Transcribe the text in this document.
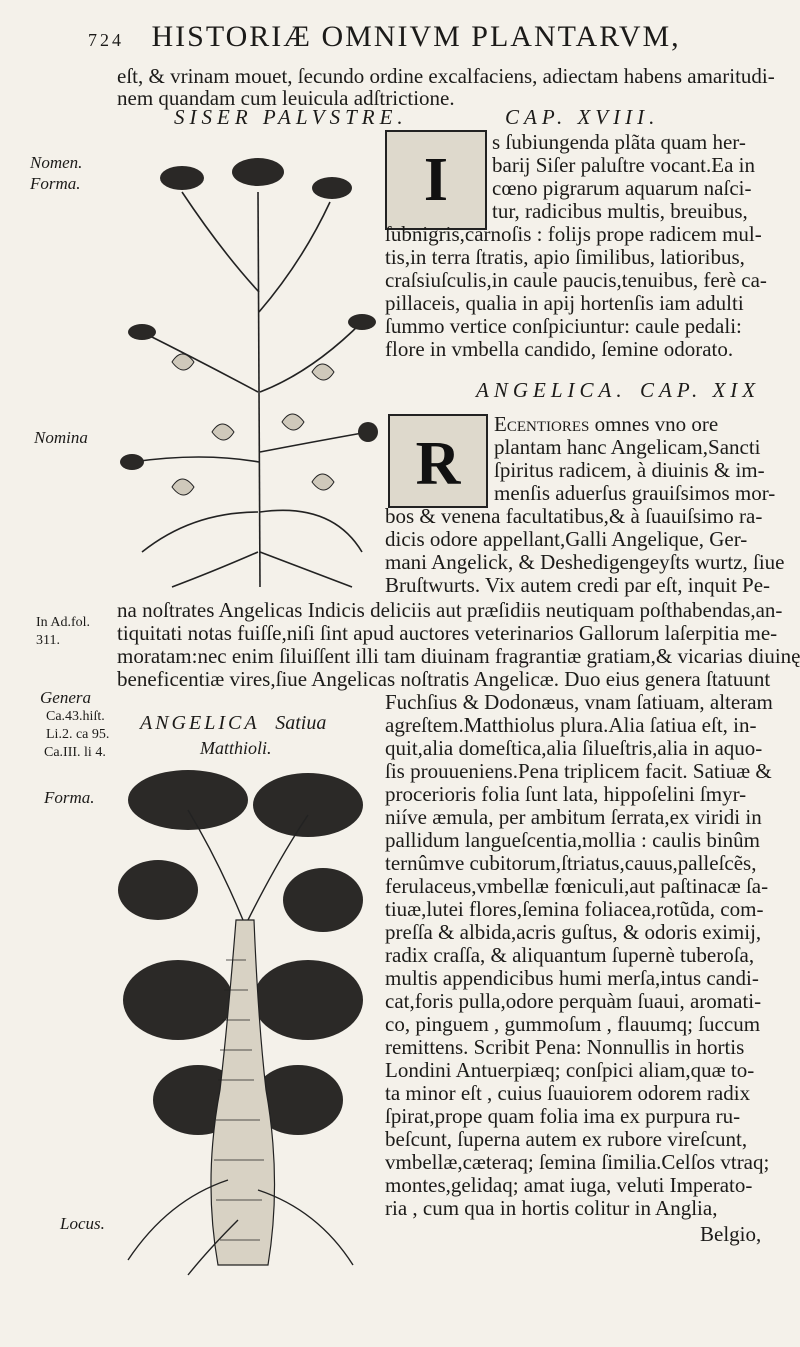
724 HISTORIÆ OMNIVM PLANTARVM,
eſt, & vrinam mouet, ſecundo ordine excalfaciens, adiectam habens amaritudi-
nem quandam cum leuicula adſtrictione.
SISER PALVSTRE.	CAP. XVIII.
Nomen.
Forma.
Nomina
In Ad.fol.
311.
Genera
Ca.43.hiſt.
Li.2. ca 95.
Ca.III. li 4.
Forma.
Locus.
I
s ſubiungenda plãta quam her-
barij Siſer paluſtre vocant.Ea in
cœno pigrarum aquarum naſci-
tur, radicibus multis, breuibus,
ſubnigris,carnoſis : folijs prope radicem mul-
tis,in terra ſtratis, apio ſimilibus, latioribus,
craſsiuſculis,in caule paucis,tenuibus, ferè ca-
pillaceis, qualia in apij hortenſis iam adulti
ſummo vertice conſpiciuntur: caule pedali:
flore in vmbella candido, ſemine odorato.
ANGELICA. CAP. XIX
R
Ecentiores omnes vno ore
plantam hanc Angelicam,Sancti
ſpiritus radicem, à diuinis & im-
menſis aduerſus grauiſsimos mor-
bos & venena facultatibus,& à ſuauiſsimo ra-
dicis odore appellant,Galli Angelique, Ger-
mani Angelick, & Deshedigengeyſts wurtz, ſiue
Bruſtwurts. Vix autem credi par eſt, inquit Pe-
na noſtrates Angelicas Indicis deliciis aut præſidiis neutiquam poſthabendas,an-
tiquitati notas fuiſſe,niſi ſint apud auctores veterinarios Gallorum laſerpitia me-
moratam:nec enim ſiluiſſent illi tam diuinam fragrantiæ gratiam,& vicarias diuinę
beneficentiæ vires,ſiue Angelicas noſtratis Angelicæ. Duo eius genera ſtatuunt
ANGELICA Satiua
Matthioli.
Fuchſius & Dodonæus, vnam ſatiuam, alteram
agreſtem.Matthiolus plura.Alia ſatiua eſt, in-
quit,alia domeſtica,alia ſilueſtris,alia in aquo-
ſis prouueniens.Pena triplicem facit. Satiuæ &
procerioris folia ſunt lata, hippoſelini ſmyr-
niíve æmula, per ambitum ſerrata,ex viridi in
pallidum langueſcentia,mollia : caulis binûm
ternûmve cubitorum,ſtriatus,cauus,palleſcẽs,
ferulaceus,vmbellæ fœniculi,aut paſtinacæ ſa-
tiuæ,lutei flores,ſemina foliacea,rotũda, com-
preſſa & albida,acris guſtus, & odoris eximij,
radix craſſa, & aliquantum ſupernè tuberoſa,
multis appendicibus humi merſa,intus candi-
cat,foris pulla,odore perquàm ſuaui, aromati-
co, pinguem , gummoſum , flauumq; ſuccum
remittens. Scribit Pena: Nonnullis in hortis
Londini Antuerpiæq; conſpici aliam,quæ to-
ta minor eſt , cuius ſuauiorem odorem radix
ſpirat,prope quam folia ima ex purpura ru-
beſcunt, ſuperna autem ex rubore vireſcunt,
vmbellæ,cæteraq; ſemina ſimilia.Celſos vtraq;
montes,gelidaq; amat iuga, veluti Imperato-
ria , cum qua in hortis colitur in Anglia,
Belgio,
